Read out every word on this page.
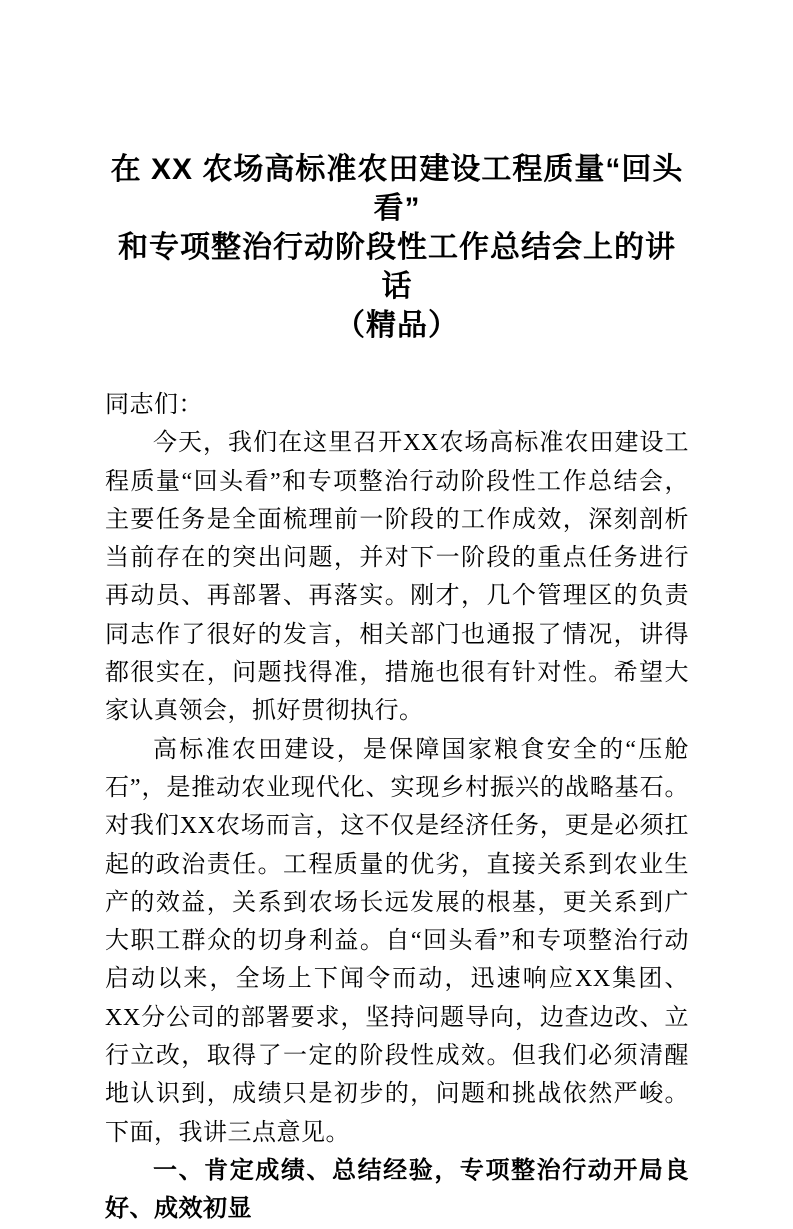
在 XX 农场高标准农田建设工程质量“回头看”
和专项整治行动阶段性工作总结会上的讲话
（精品）

同志们：

今天，我们在这里召开XX农场高标准农田建设工程质量“回头看”和专项整治行动阶段性工作总结会，主要任务是全面梳理前一阶段的工作成效，深刻剖析当前存在的突出问题，并对下一阶段的重点任务进行再动员、再部署、再落实。刚才，几个管理区的负责同志作了很好的发言，相关部门也通报了情况，讲得都很实在，问题找得准，措施也很有针对性。希望大家认真领会，抓好贯彻执行。

高标准农田建设，是保障国家粮食安全的“压舱石”，是推动农业现代化、实现乡村振兴的战略基石。对我们XX农场而言，这不仅是经济任务，更是必须扛起的政治责任。工程质量的优劣，直接关系到农业生产的效益，关系到农场长远发展的根基，更关系到广大职工群众的切身利益。自“回头看”和专项整治行动启动以来，全场上下闻令而动，迅速响应XX集团、XX分公司的部署要求，坚持问题导向，边查边改、立行立改，取得了一定的阶段性成效。但我们必须清醒地认识到，成绩只是初步的，问题和挑战依然严峻。下面，我讲三点意见。

一、肯定成绩、总结经验，专项整治行动开局良好、成效初显
